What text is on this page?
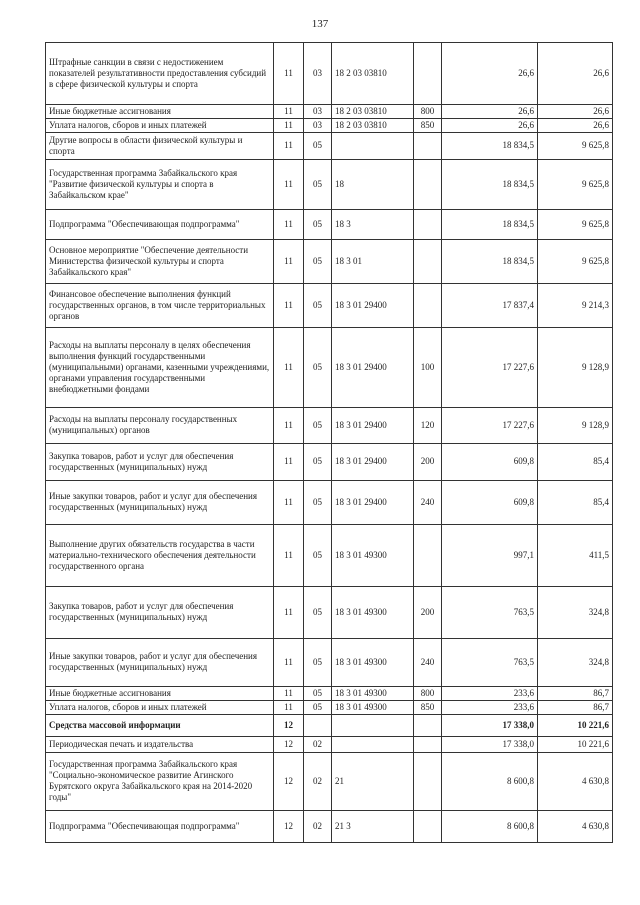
137
Штрафные санкции в связи с недостижением показателей результативности предоставления субсидий в сфере физической культуры и спорта	11	03	18 2 03 03810		26,6	26,6
Иные бюджетные ассигнования	11	03	18 2 03 03810	800	26,6	26,6
Уплата налогов, сборов и иных платежей	11	03	18 2 03 03810	850	26,6	26,6
Другие вопросы в области физической культуры и спорта	11	05			18 834,5	9 625,8
Государственная программа Забайкальского края "Развитие физической культуры и спорта в Забайкальском крае"	11	05	18		18 834,5	9 625,8
Подпрограмма "Обеспечивающая подпрограмма"	11	05	18 3		18 834,5	9 625,8
Основное мероприятие "Обеспечение деятельности Министерства физической культуры и спорта Забайкальского края"	11	05	18 3 01		18 834,5	9 625,8
Финансовое обеспечение выполнения функций государственных органов, в том числе территориальных органов	11	05	18 3 01 29400		17 837,4	9 214,3
Расходы на выплаты персоналу в целях обеспечения выполнения функций государственными (муниципальными) органами, казенными учреждениями, органами управления государственными внебюджетными фондами	11	05	18 3 01 29400	100	17 227,6	9 128,9
Расходы на выплаты персоналу государственных (муниципальных) органов	11	05	18 3 01 29400	120	17 227,6	9 128,9
Закупка товаров, работ и услуг для обеспечения государственных (муниципальных) нужд	11	05	18 3 01 29400	200	609,8	85,4
Иные закупки товаров, работ и услуг для обеспечения государственных (муниципальных) нужд	11	05	18 3 01 29400	240	609,8	85,4
Выполнение других обязательств государства в части материально-технического обеспечения деятельности государственного органа	11	05	18 3 01 49300		997,1	411,5
Закупка товаров, работ и услуг для обеспечения государственных (муниципальных) нужд	11	05	18 3 01 49300	200	763,5	324,8
Иные закупки товаров, работ и услуг для обеспечения государственных (муниципальных) нужд	11	05	18 3 01 49300	240	763,5	324,8
Иные бюджетные ассигнования	11	05	18 3 01 49300	800	233,6	86,7
Уплата налогов, сборов и иных платежей	11	05	18 3 01 49300	850	233,6	86,7
Средства массовой информации	12				17 338,0	10 221,6
Периодическая печать и издательства	12	02			17 338,0	10 221,6
Государственная программа Забайкальского края "Социально-экономическое развитие Агинского Бурятского округа Забайкальского края на 2014-2020 годы"	12	02	21		8 600,8	4 630,8
Подпрограмма "Обеспечивающая подпрограмма"	12	02	21 3		8 600,8	4 630,8
